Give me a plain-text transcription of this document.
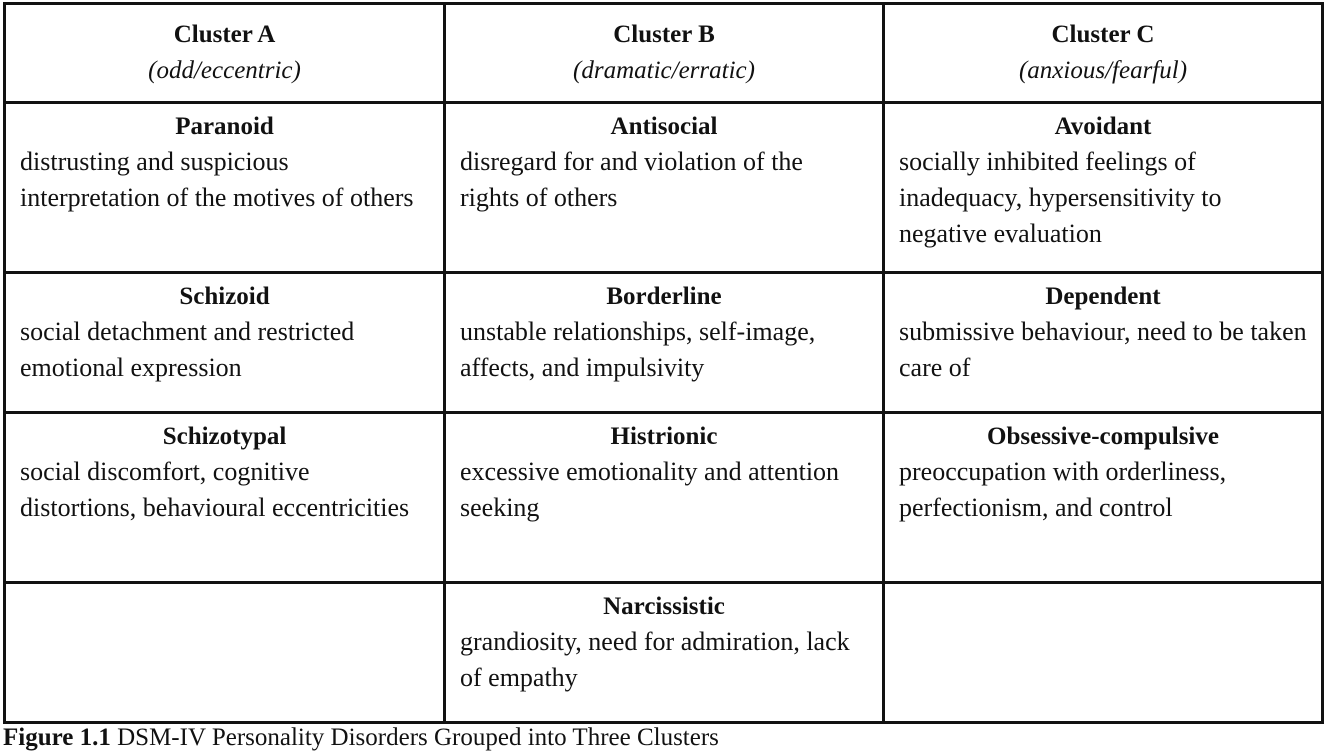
Cluster A
(odd/eccentric)	Cluster B
(dramatic/erratic)	Cluster C
(anxious/fearful)

Paranoid
distrusting and suspicious interpretation of the motives of others	Antisocial
disregard for and violation of the rights of others	Avoidant
socially inhibited feelings of inadequacy, hypersensitivity to negative evaluation

Schizoid
social detachment and restricted emotional expression	Borderline
unstable relationships, self-image, affects, and impulsivity	Dependent
submissive behaviour, need to be taken care of

Schizotypal
social discomfort, cognitive distortions, behavioural eccentricities	Histrionic
excessive emotionality and attention seeking	Obsessive-compulsive
preoccupation with orderliness, perfectionism, and control

	Narcissistic
grandiosity, need for admiration, lack of empathy	

Figure 1.1 DSM-IV Personality Disorders Grouped into Three Clusters
